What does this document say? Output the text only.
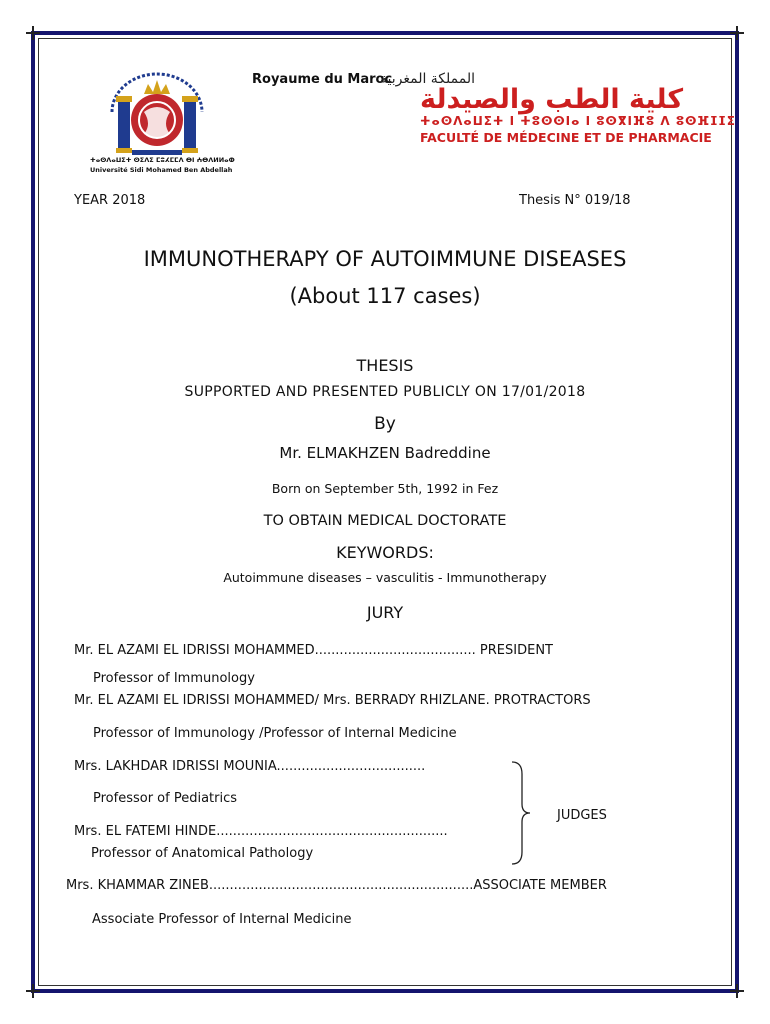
ⵜⴰⵙⴷⴰⵡⵉⵜ ⵙⵉⴷⵉ ⵎⵓⵃⵎⵎⴷ ⴱⵏ ⵄⴱⴷⵍⵍⴰⵀ
Université Sidi Mohamed Ben Abdellah
Royaume du Maroc
المملكة المغربية
كلية الطب والصيدلة
ⵜⴰⵙⴷⴰⵡⵉⵜ ⵏ ⵜⵓⵙⵙⵏⴰ ⵏ ⵓⵙⴳⵏⴼⵓ ⴷ ⵓⵙⴼⵊⵊⵉ
FACULTÉ DE MÉDECINE ET DE PHARMACIE
YEAR 2018	Thesis N° 019/18
IMMUNOTHERAPY OF AUTOIMMUNE DISEASES
(About 117 cases)
THESIS
SUPPORTED AND PRESENTED PUBLICLY ON 17/01/2018
By
Mr. ELMAKHZEN Badreddine
Born on September 5th, 1992 in Fez
TO OBTAIN MEDICAL DOCTORATE
KEYWORDS:
Autoimmune diseases – vasculitis - Immunotherapy
JURY
Mr. EL AZAMI EL IDRISSI MOHAMMED....................................... PRESIDENT
Professor of Immunology
Mr. EL AZAMI EL IDRISSI MOHAMMED/ Mrs. BERRADY RHIZLANE. PROTRACTORS
Professor of Immunology /Professor of Internal Medicine
Mrs. LAKHDAR IDRISSI MOUNIA....................................
Professor of Pediatrics
JUDGES
Mrs. EL FATEMI HINDE........................................................
Professor of Anatomical Pathology
Mrs. KHAMMAR ZINEB................................................................ASSOCIATE MEMBER
Associate Professor of Internal Medicine
